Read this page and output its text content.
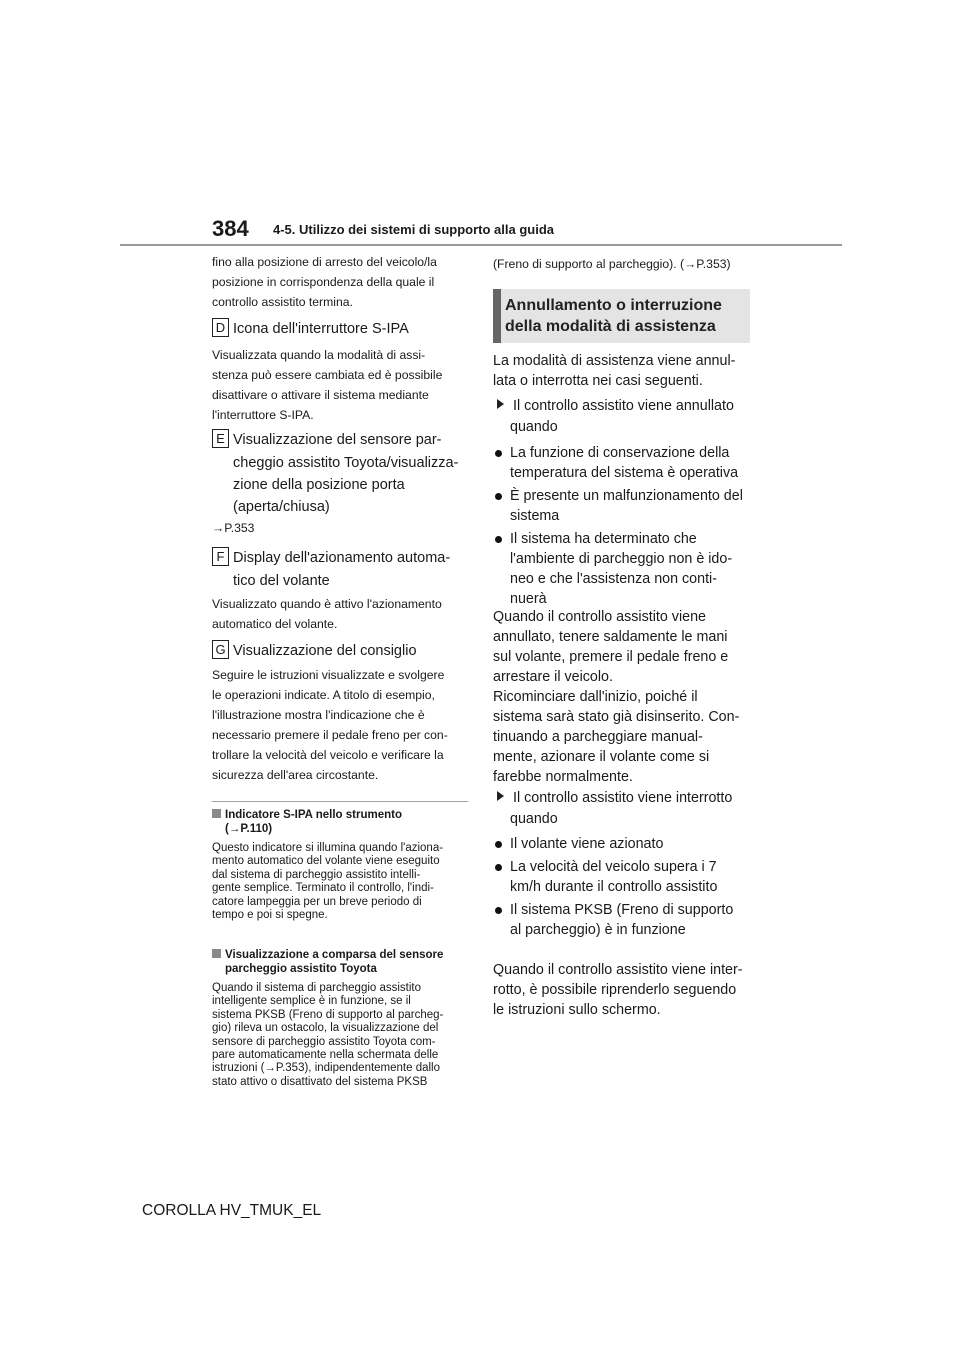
384 4-5. Utilizzo dei sistemi di supporto alla guida
fino alla posizione di arresto del veicolo/la
posizione in corrispondenza della quale il
controllo assistito termina.
D Icona dell'interruttore S-IPA
Visualizzata quando la modalità di assi-
stenza può essere cambiata ed è possibile
disattivare o attivare il sistema mediante
l'interruttore S-IPA.
E Visualizzazione del sensore par-
cheggio assistito Toyota/visualizza-
zione della posizione porta
(aperta/chiusa)
→P.353
F Display dell'azionamento automa-
tico del volante
Visualizzato quando è attivo l'azionamento
automatico del volante.
G Visualizzazione del consiglio
Seguire le istruzioni visualizzate e svolgere
le operazioni indicate. A titolo di esempio,
l'illustrazione mostra l'indicazione che è
necessario premere il pedale freno per con-
trollare la velocità del veicolo e verificare la
sicurezza dell'area circostante.
Indicatore S-IPA nello strumento
(→P.110)
Questo indicatore si illumina quando l'aziona-
mento automatico del volante viene eseguito
dal sistema di parcheggio assistito intelli-
gente semplice. Terminato il controllo, l'indi-
catore lampeggia per un breve periodo di
tempo e poi si spegne.
Visualizzazione a comparsa del sensore
parcheggio assistito Toyota
Quando il sistema di parcheggio assistito
intelligente semplice è in funzione, se il
sistema PKSB (Freno di supporto al parcheg-
gio) rileva un ostacolo, la visualizzazione del
sensore di parcheggio assistito Toyota com-
pare automaticamente nella schermata delle
istruzioni (→P.353), indipendentemente dallo
stato attivo o disattivato del sistema PKSB
(Freno di supporto al parcheggio). (→P.353)
Annullamento o interruzione
della modalità di assistenza
La modalità di assistenza viene annul-
lata o interrotta nei casi seguenti.
Il controllo assistito viene annullato
quando
La funzione di conservazione della
temperatura del sistema è operativa
È presente un malfunzionamento del
sistema
Il sistema ha determinato che
l'ambiente di parcheggio non è ido-
neo e che l'assistenza non conti-
nuerà
Quando il controllo assistito viene
annullato, tenere saldamente le mani
sul volante, premere il pedale freno e
arrestare il veicolo.
Ricominciare dall'inizio, poiché il
sistema sarà stato già disinserito. Con-
tinuando a parcheggiare manual-
mente, azionare il volante come si
farebbe normalmente.
Il controllo assistito viene interrotto
quando
Il volante viene azionato
La velocità del veicolo supera i 7
km/h durante il controllo assistito
Il sistema PKSB (Freno di supporto
al parcheggio) è in funzione
Quando il controllo assistito viene inter-
rotto, è possibile riprenderlo seguendo
le istruzioni sullo schermo.
COROLLA HV_TMUK_EL
